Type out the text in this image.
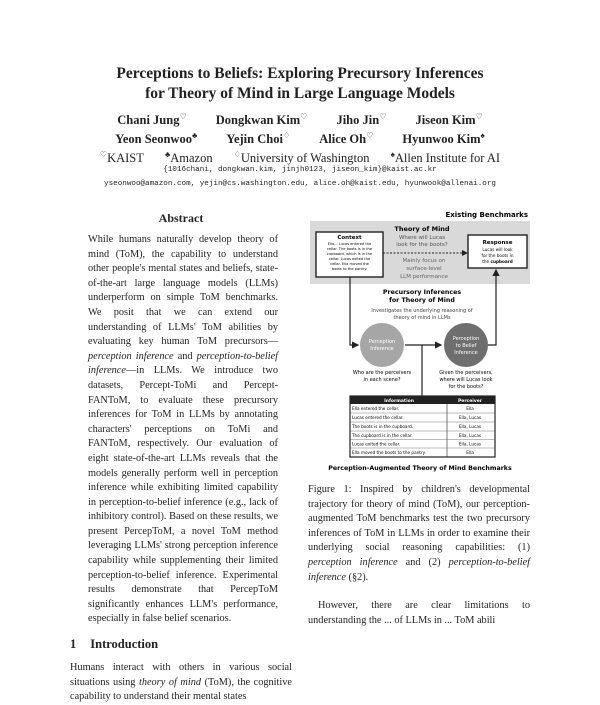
Perceptions to Beliefs: Exploring Precursory Inferences
for Theory of Mind in Large Language Models
Chani Jung♡ Dongkwan Kim♡ Jiho Jin♡ Jiseon Kim♡
Yeon Seonwoo♣ Yejin Choi♢ Alice Oh♡ Hyunwoo Kim♠
♡KAIST	♣Amazon	♢University of Washington	♠Allen Institute for AI
{1016chani, dongkwan.kim, jinjh0123, jiseon_kim}@kaist.ac.kr
yseonwoo@amazon.com, yejin@cs.washington.edu, alice.oh@kaist.edu, hyunwook@allenai.org
Abstract
While humans naturally develop theory of mind (ToM), the capability to understand other people's mental states and beliefs, state-of-the-art large language models (LLMs) underperform on simple ToM benchmarks. We posit that we can extend our understanding of LLMs' ToM abilities by evaluating key human ToM precursors—perception inference and perception-to-belief inference—in LLMs. We introduce two datasets, Percept-ToMi and Percept-FANToM, to evaluate these precursory inferences for ToM in LLMs by annotating characters' perceptions on ToMi and FANToM, respectively. Our evaluation of eight state-of-the-art LLMs reveals that the models generally perform well in perception inference while exhibiting limited capability in perception-to-belief inference (e.g., lack of inhibitory control). Based on these results, we present PercepToM, a novel ToM method leveraging LLMs' strong perception inference capability while supplementing their limited perception-to-belief inference. Experimental results demonstrate that PercepToM significantly enhances LLM's performance, especially in false belief scenarios.
1 Introduction
Humans interact with others in various social situations using theory of mind (ToM), the cognitive capability to understand their mental states
Existing Benchmarks
Theory of Mind
Where will Lucas
look for the boots?
Mainly focus on
surface-level
LLM performance
Context
Ella... Lucas entered the
cellar. The boots is in the
cupboard, which is in the
cellar. Lucas exited the
cellar. Ella moved the
boots to the pantry.
Response
Lucas will look
for the boots in
the cupboard
Precursory Inferences
for Theory of Mind
Investigates the underlying reasoning of
theory of mind in LLMs
Perception
Inference
Perception
to Belief
Inference
Who are the perceivers
in each scene?
Given the perceivers,
where will Lucas look
for the boots?
Information	Perceiver
Ella entered the cellar.	Ella
Lucas entered the cellar.	Ella, Lucas
The boots is in the cupboard.	Ella, Lucas
The cupboard is in the cellar.	Ella, Lucas
Lucas exited the cellar.	Ella, Lucas
Ella moved the boots to the pantry.	Ella
Perception-Augmented Theory of Mind Benchmarks
Figure 1: Inspired by children's developmental trajectory for theory of mind (ToM), our perception-augmented ToM benchmarks test the two precursory inferences of ToM in LLMs in order to examine their underlying social reasoning capabilities: (1) perception inference and (2) perception-to-belief inference (§2).
However, there are clear limitations to understanding the ... of LLMs in ... ToM abili
